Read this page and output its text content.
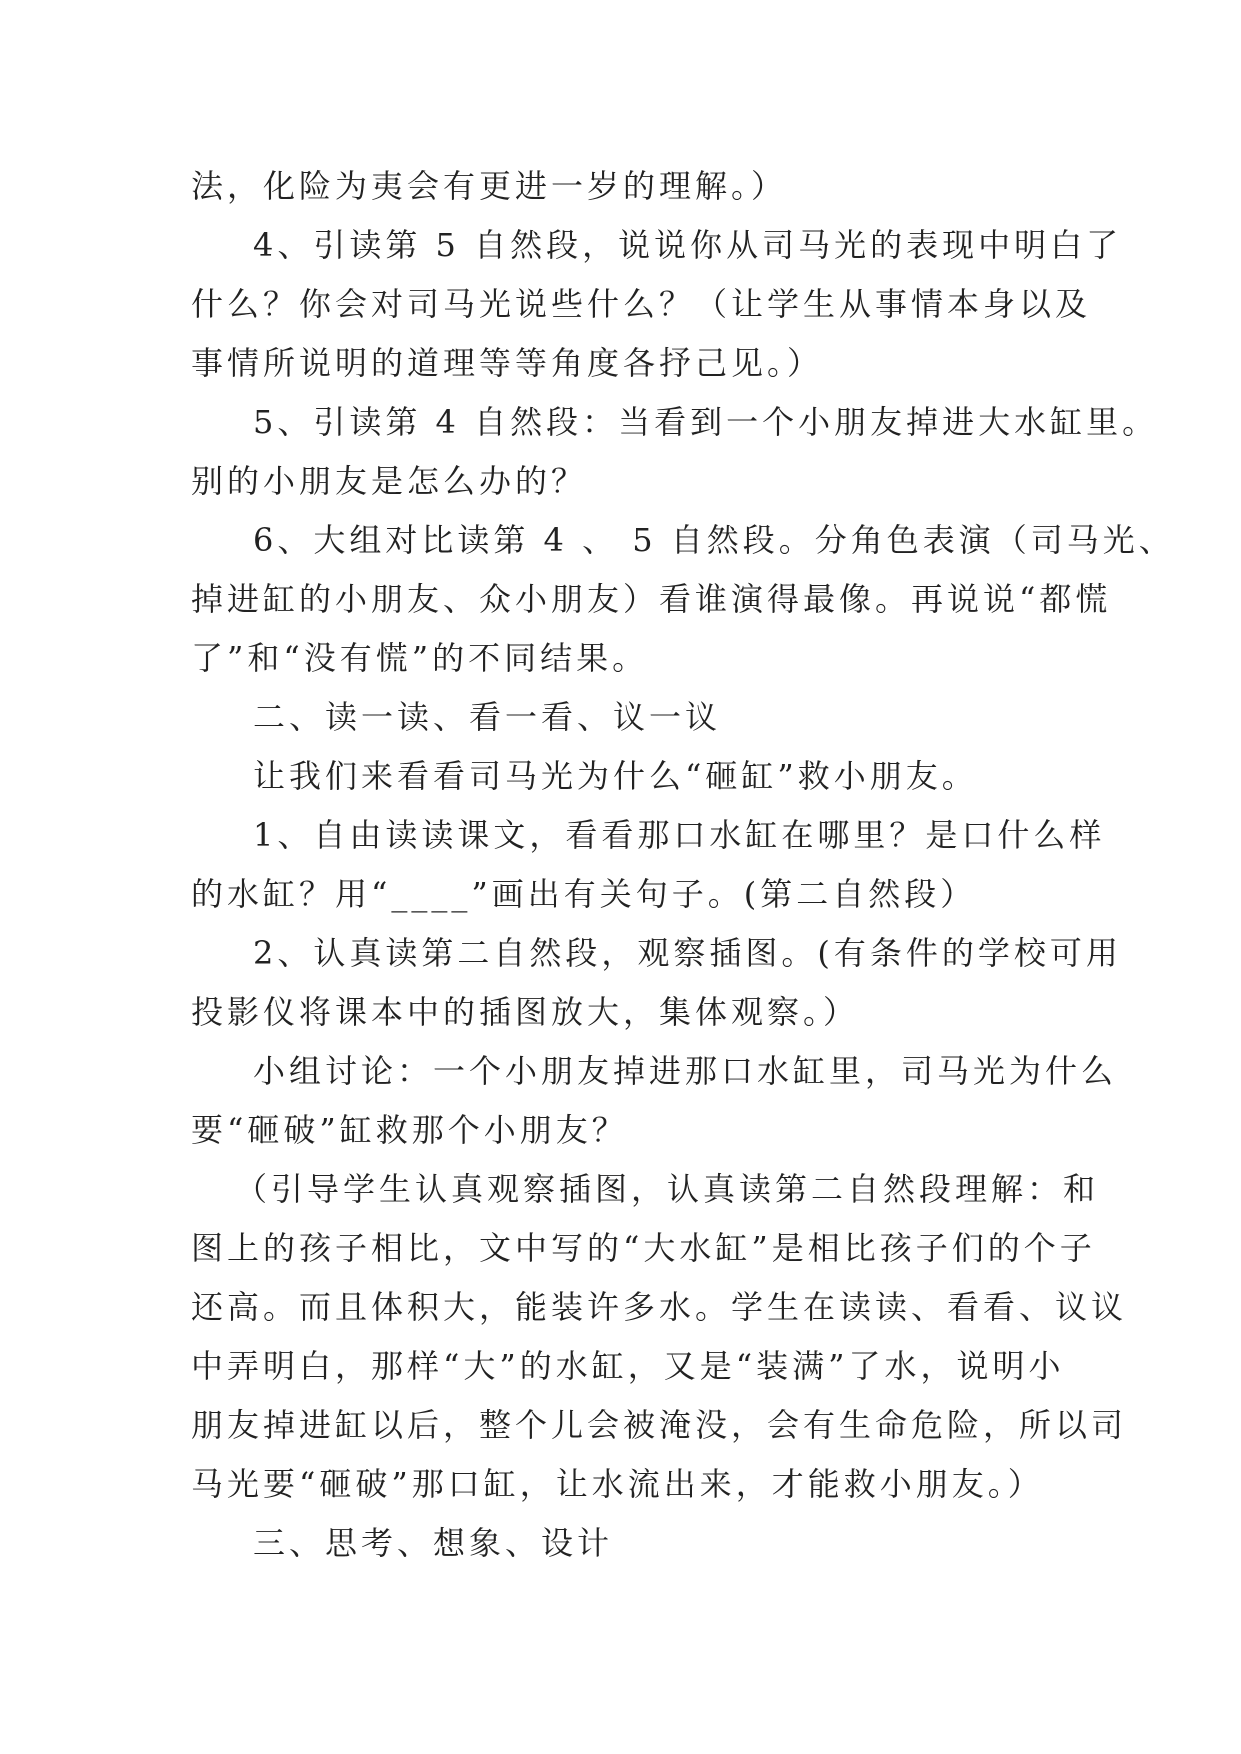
法，化险为夷会有更进一岁的理解。）
4、引读第 5 自然段，说说你从司马光的表现中明白了
什么？你会对司马光说些什么？（让学生从事情本身以及
事情所说明的道理等等角度各抒己见。）
5、引读第 4 自然段：当看到一个小朋友掉进大水缸里。
别的小朋友是怎么办的？
6、大组对比读第 4 、 5 自然段。分角色表演（司马光、
掉进缸的小朋友、众小朋友）看谁演得最像。再说说“都慌
了”和“没有慌”的不同结果。
二、读一读、看一看、议一议
让我们来看看司马光为什么“砸缸”救小朋友。
1、自由读读课文，看看那口水缸在哪里？是口什么样
的水缸？用“____”画出有关句子。(第二自然段）
2、认真读第二自然段，观察插图。(有条件的学校可用
投影仪将课本中的插图放大，集体观察。）
小组讨论：一个小朋友掉进那口水缸里，司马光为什么
要“砸破”缸救那个小朋友？
（引导学生认真观察插图，认真读第二自然段理解：和
图上的孩子相比，文中写的“大水缸”是相比孩子们的个子
还高。而且体积大，能装许多水。学生在读读、看看、议议
中弄明白，那样“大”的水缸，又是“装满”了水，说明小
朋友掉进缸以后，整个儿会被淹没，会有生命危险，所以司
马光要“砸破”那口缸，让水流出来，才能救小朋友。）
三、思考、想象、设计
